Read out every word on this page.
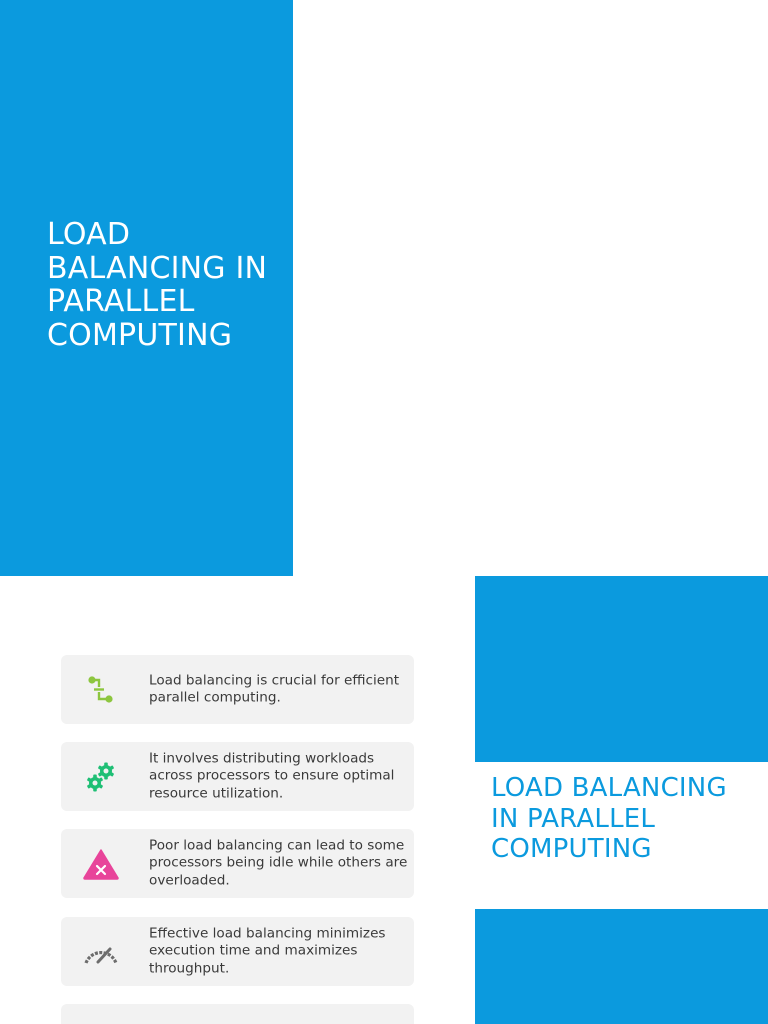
LOAD BALANCING IN PARALLEL COMPUTING
LOAD BALANCING IN PARALLEL COMPUTING

Load balancing is crucial for efficient parallel computing.

It involves distributing workloads across processors to ensure optimal resource utilization.

Poor load balancing can lead to some processors being idle while others are overloaded.

Effective load balancing minimizes execution time and maximizes throughput.
